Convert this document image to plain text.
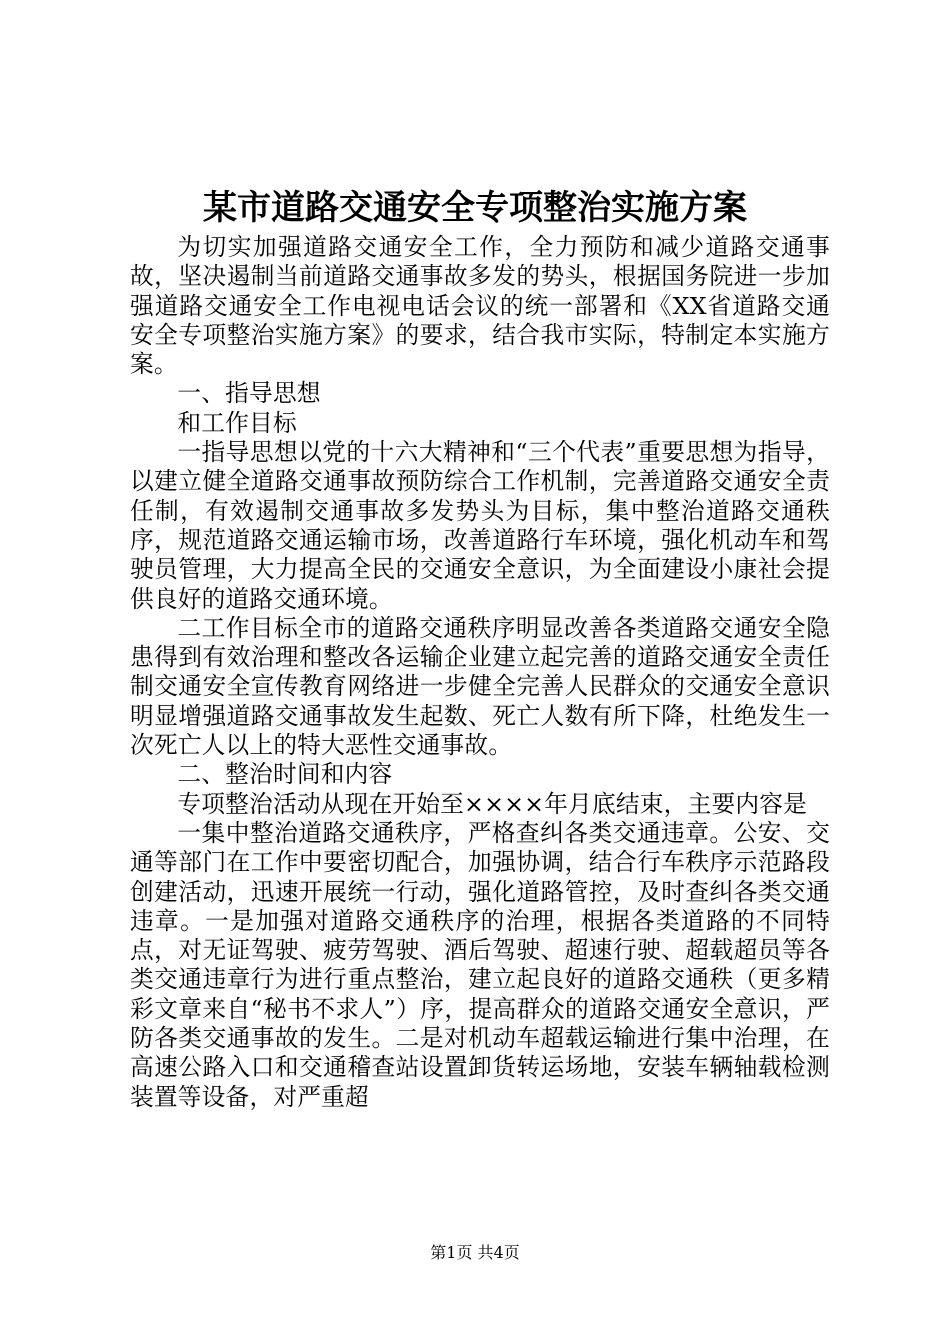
某市道路交通安全专项整治实施方案

为切实加强道路交通安全工作，全力预防和减少道路交通事故，坚决遏制当前道路交通事故多发的势头，根据国务院进一步加强道路交通安全工作电视电话会议的统一部署和《XX省道路交通安全专项整治实施方案》的要求，结合我市实际，特制定本实施方案。

一、指导思想

和工作目标

一指导思想以党的十六大精神和“三个代表”重要思想为指导，以建立健全道路交通事故预防综合工作机制，完善道路交通安全责任制，有效遏制交通事故多发势头为目标，集中整治道路交通秩序，规范道路交通运输市场，改善道路行车环境，强化机动车和驾驶员管理，大力提高全民的交通安全意识，为全面建设小康社会提供良好的道路交通环境。

二工作目标全市的道路交通秩序明显改善各类道路交通安全隐患得到有效治理和整改各运输企业建立起完善的道路交通安全责任制交通安全宣传教育网络进一步健全完善人民群众的交通安全意识明显增强道路交通事故发生起数、死亡人数有所下降，杜绝发生一次死亡人以上的特大恶性交通事故。

二、整治时间和内容

专项整治活动从现在开始至××××年月底结束，主要内容是

一集中整治道路交通秩序，严格查纠各类交通违章。公安、交通等部门在工作中要密切配合，加强协调，结合行车秩序示范路段创建活动，迅速开展统一行动，强化道路管控，及时查纠各类交通违章。一是加强对道路交通秩序的治理，根据各类道路的不同特点，对无证驾驶、疲劳驾驶、酒后驾驶、超速行驶、超载超员等各类交通违章行为进行重点整治，建立起良好的道路交通秩（更多精彩文章来自“秘书不求人”）序，提高群众的道路交通安全意识，严防各类交通事故的发生。二是对机动车超载运输进行集中治理，在高速公路入口和交通稽查站设置卸货转运场地，安装车辆轴载检测装置等设备，对严重超

第1页 共4页
